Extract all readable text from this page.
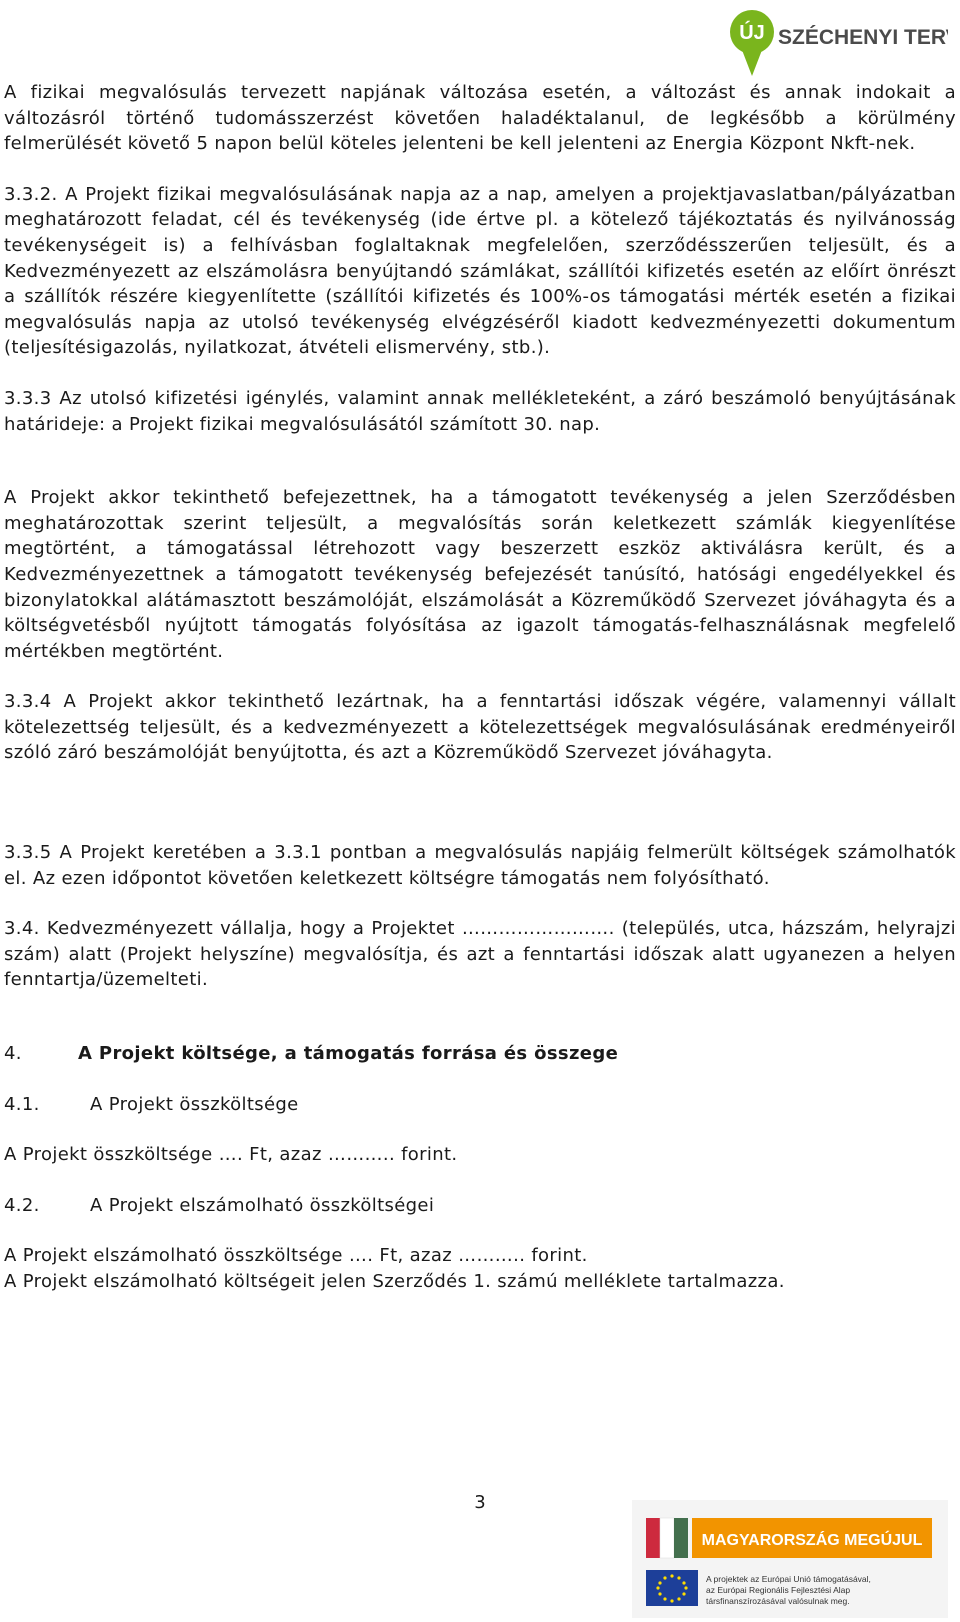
ÚJ SZÉCHENYI TERV

A fizikai megvalósulás tervezett napjának változása esetén, a változást és annak indokait a változásról történő tudomásszerzést követően haladéktalanul, de legkésőbb a körülmény felmerülését követő 5 napon belül köteles jelenteni be kell jelenteni az Energia Központ Nkft-nek.

3.3.2. A Projekt fizikai megvalósulásának napja az a nap, amelyen a projektjavaslatban/pályázatban meghatározott feladat, cél és tevékenység (ide értve pl. a kötelező tájékoztatás és nyilvánosság tevékenységeit is) a felhívásban foglaltaknak megfelelően, szerződésszerűen teljesült, és a Kedvezményezett az elszámolásra benyújtandó számlákat, szállítói kifizetés esetén az előírt önrészt a szállítók részére kiegyenlítette (szállítói kifizetés és 100%-os támogatási mérték esetén a fizikai megvalósulás napja az utolsó tevékenység elvégzéséről kiadott kedvezményezetti dokumentum (teljesítésigazolás, nyilatkozat, átvételi elismervény, stb.).

3.3.3 Az utolsó kifizetési igénylés, valamint annak mellékleteként, a záró beszámoló benyújtásának határideje: a Projekt fizikai megvalósulásától számított 30. nap.

A Projekt akkor tekinthető befejezettnek, ha a támogatott tevékenység a jelen Szerződésben meghatározottak szerint teljesült, a megvalósítás során keletkezett számlák kiegyenlítése megtörtént, a támogatással létrehozott vagy beszerzett eszköz aktiválásra került, és a Kedvezményezettnek a támogatott tevékenység befejezését tanúsító, hatósági engedélyekkel és bizonylatokkal alátámasztott beszámolóját, elszámolását a Közreműködő Szervezet jóváhagyta és a költségvetésből nyújtott támogatás folyósítása az igazolt támogatás-felhasználásnak megfelelő mértékben megtörtént.

3.3.4 A Projekt akkor tekinthető lezártnak, ha a fenntartási időszak végére, valamennyi vállalt kötelezettség teljesült, és a kedvezményezett a kötelezettségek megvalósulásának eredményeiről szóló záró beszámolóját benyújtotta, és azt a Közreműködő Szervezet jóváhagyta.

3.3.5 A Projekt keretében a 3.3.1 pontban a megvalósulás napjáig felmerült költségek számolhatók el. Az ezen időpontot követően keletkezett költségre támogatás nem folyósítható.

3.4. Kedvezményezett vállalja, hogy a Projektet ……………………. (település, utca, házszám, helyrajzi szám) alatt (Projekt helyszíne) megvalósítja, és azt a fenntartási időszak alatt ugyanezen a helyen fenntartja/üzemelteti.

4.	A Projekt költsége, a támogatás forrása és összege

4.1.	A Projekt összköltsége

A Projekt összköltsége …. Ft, azaz ……….. forint.

4.2.	A Projekt elszámolható összköltségei

A Projekt elszámolható összköltsége …. Ft, azaz ……….. forint.

A Projekt elszámolható költségeit jelen Szerződés 1. számú melléklete tartalmazza.

3
MAGYARORSZÁG MEGÚJUL
A projektek az Európai Unió támogatásával,
az Európai Regionális Fejlesztési Alap
társfinanszírozásával valósulnak meg.
